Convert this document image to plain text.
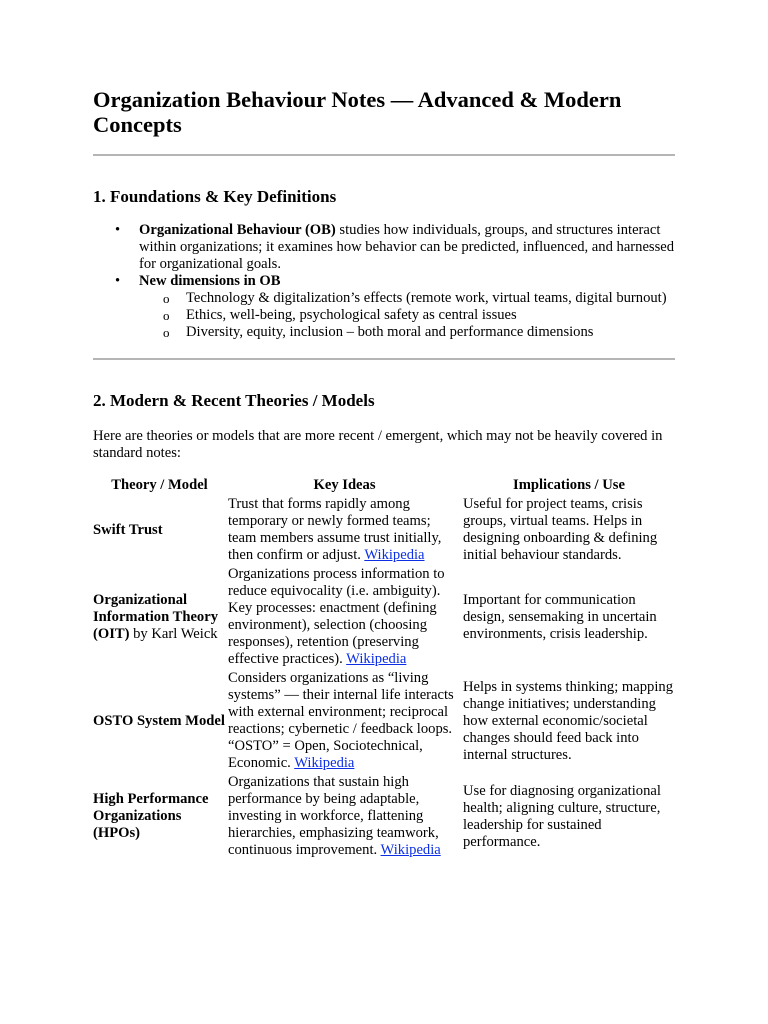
Organization Behaviour Notes — Advanced & Modern Concepts
1. Foundations & Key Definitions
• Organizational Behaviour (OB) studies how individuals, groups, and structures interact within organizations; it examines how behavior can be predicted, influenced, and harnessed for organizational goals.
• New dimensions in OB
o Technology & digitalization’s effects (remote work, virtual teams, digital burnout)
o Ethics, well-being, psychological safety as central issues
o Diversity, equity, inclusion – both moral and performance dimensions
2. Modern & Recent Theories / Models

Here are theories or models that are more recent / emergent, which may not be heavily covered in standard notes:

Theory / Model	Key Ideas	Implications / Use
Swift Trust	Trust that forms rapidly among temporary or newly formed teams; team members assume trust initially, then confirm or adjust. Wikipedia	Useful for project teams, crisis groups, virtual teams. Helps in designing onboarding & defining initial behaviour standards.
Organizational Information Theory (OIT) by Karl Weick	Organizations process information to reduce equivocality (i.e. ambiguity). Key processes: enactment (defining environment), selection (choosing responses), retention (preserving effective practices). Wikipedia	Important for communication design, sensemaking in uncertain environments, crisis leadership.
OSTO System Model	Considers organizations as “living systems” — their internal life interacts with external environment; reciprocal reactions; cybernetic / feedback loops. “OSTO” = Open, Sociotechnical, Economic. Wikipedia	Helps in systems thinking; mapping change initiatives; understanding how external economic/societal changes should feed back into internal structures.
High Performance Organizations (HPOs)	Organizations that sustain high performance by being adaptable, investing in workforce, flattening hierarchies, emphasizing teamwork, continuous improvement. Wikipedia	Use for diagnosing organizational health; aligning culture, structure, leadership for sustained performance.
